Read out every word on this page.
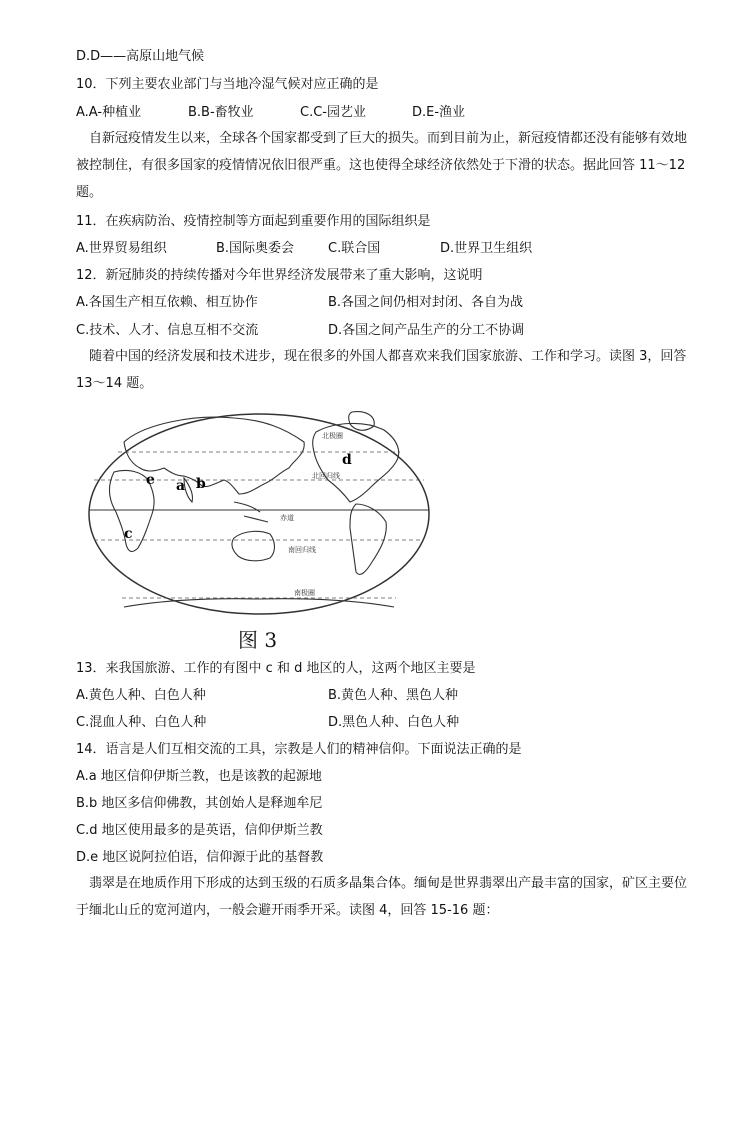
D.D——高原山地气候
10．下列主要农业部门与当地冷湿气候对应正确的是
A.A-种植业	B.B-畜牧业	C.C-园艺业	D.E-渔业
　自新冠疫情发生以来，全球各个国家都受到了巨大的损失。而到目前为止，新冠疫情都还没有能够有效地被控制住，有很多国家的疫情情况依旧很严重。这也使得全球经济依然处于下滑的状态。据此回答 11～12 题。
11．在疾病防治、疫情控制等方面起到重要作用的国际组织是
A.世界贸易组织	B.国际奥委会	C.联合国	D.世界卫生组织
12．新冠肺炎的持续传播对今年世界经济发展带来了重大影响，这说明
A.各国生产相互依赖、相互协作	B.各国之间仍相对封闭、各自为战
C.技术、人才、信息互相不交流	D.各国之间产品生产的分工不协调
　随着中国的经济发展和技术进步，现在很多的外国人都喜欢来我们国家旅游、工作和学习。读图 3，回答 13～14 题。
北极圈
北回归线
赤道
南回归线
南极圈
a b
c
d
e
图 3
13．来我国旅游、工作的有图中 c 和 d 地区的人，这两个地区主要是
A.黄色人种、白色人种	B.黄色人种、黑色人种
C.混血人种、白色人种	D.黑色人种、白色人种
14．语言是人们互相交流的工具，宗教是人们的精神信仰。下面说法正确的是
A.a 地区信仰伊斯兰教，也是该教的起源地
B.b 地区多信仰佛教，其创始人是释迦牟尼
C.d 地区使用最多的是英语，信仰伊斯兰教
D.e 地区说阿拉伯语，信仰源于此的基督教
　翡翠是在地质作用下形成的达到玉级的石质多晶集合体。缅甸是世界翡翠出产最丰富的国家，矿区主要位于缅北山丘的宽河道内，一般会避开雨季开采。读图 4，回答 15-16 题：
